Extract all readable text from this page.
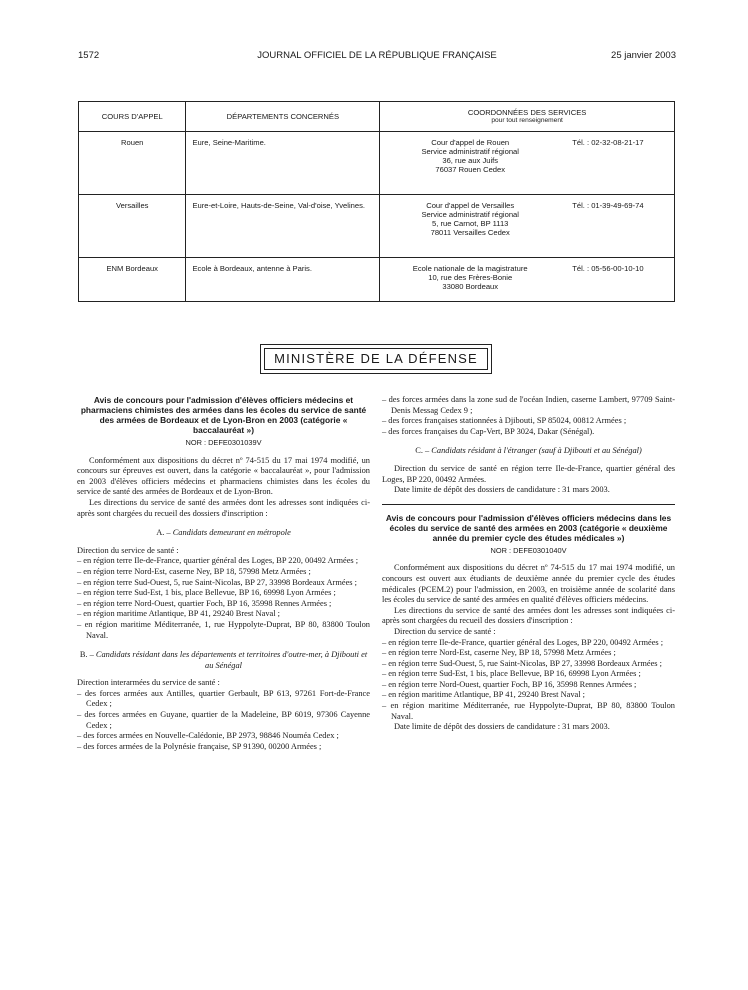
1572	JOURNAL OFFICIEL DE LA RÉPUBLIQUE FRANÇAISE	25 janvier 2003
COURS D'APPEL	DÉPARTEMENTS CONCERNÉS	COORDONNÉES DES SERVICES
pour tout renseignement

Rouen	Eure, Seine-Maritime.	Cour d'appel de Rouen
Service administratif régional
36, rue aux Juifs
76037 Rouen Cedex
Tél. : 02-32-08-21-17

Versailles	Eure-et-Loire, Hauts-de-Seine, Val-d'oise, Yvelines.	Cour d'appel de Versailles
Service administratif régional
5, rue Carnot, BP 1113
78011 Versailles Cedex
Tél. : 01-39-49-69-74

ENM Bordeaux	Ecole à Bordeaux, antenne à Paris.	Ecole nationale de la magistrature
10, rue des Frères-Bonie
33080 Bordeaux
Tél. : 05-56-00-10-10
MINISTÈRE DE LA DÉFENSE
Avis de concours pour l'admission d'élèves officiers médecins et pharmaciens chimistes des armées dans les écoles du service de santé des armées de Bordeaux et de Lyon-Bron en 2003 (catégorie « baccalauréat »)
NOR : DEFE0301039V

Conformément aux dispositions du décret nº 74-515 du 17 mai 1974 modifié, un concours sur épreuves est ouvert, dans la catégorie « baccalauréat », pour l'admission en 2003 d'élèves officiers médecins et pharmaciens chimistes dans les écoles du service de santé des armées de Bordeaux et de Lyon-Bron.

Les directions du service de santé des armées dont les adresses sont indiquées ci-après sont chargées du recueil des dossiers d'inscription :

A. – Candidats demeurant en métropole

Direction du service de santé :

– en région terre Ile-de-France, quartier général des Loges, BP 220, 00492 Armées ;
– en région terre Nord-Est, caserne Ney, BP 18, 57998 Metz Armées ;
– en région terre Sud-Ouest, 5, rue Saint-Nicolas, BP 27, 33998 Bordeaux Armées ;
– en région terre Sud-Est, 1 bis, place Bellevue, BP 16, 69998 Lyon Armées ;
– en région terre Nord-Ouest, quartier Foch, BP 16, 35998 Rennes Armées ;
– en région maritime Atlantique, BP 41, 29240 Brest Naval ;
– en région maritime Méditerranée, 1, rue Hyppolyte-Duprat, BP 80, 83800 Toulon Naval.
B. – Candidats résidant dans les départements et territoires d'outre-mer, à Djibouti et au Sénégal

Direction interarmées du service de santé :

– des forces armées aux Antilles, quartier Gerbault, BP 613, 97261 Fort-de-France Cedex ;
– des forces armées en Guyane, quartier de la Madeleine, BP 6019, 97306 Cayenne Cedex ;
– des forces armées en Nouvelle-Calédonie, BP 2973, 98846 Nouméa Cedex ;
– des forces armées de la Polynésie française, SP 91390, 00200 Armées ;
– des forces armées dans la zone sud de l'océan Indien, caserne Lambert, 97709 Saint-Denis Messag Cedex 9 ;
– des forces françaises stationnées à Djibouti, SP 85024, 00812 Armées ;
– des forces françaises du Cap-Vert, BP 3024, Dakar (Sénégal).
C. – Candidats résidant à l'étranger (sauf à Djibouti et au Sénégal)

Direction du service de santé en région terre Ile-de-France, quartier général des Loges, BP 220, 00492 Armées.

Date limite de dépôt des dossiers de candidature : 31 mars 2003.

Avis de concours pour l'admission d'élèves officiers médecins dans les écoles du service de santé des armées en 2003 (catégorie « deuxième année du premier cycle des études médicales »)
NOR : DEFE0301040V

Conformément aux dispositions du décret nº 74-515 du 17 mai 1974 modifié, un concours est ouvert aux étudiants de deuxième année du premier cycle des études médicales (PCEM.2) pour l'admission, en 2003, en troisième année de scolarité dans les écoles du service de santé des armées en qualité d'élèves officiers médecins.

Les directions du service de santé des armées dont les adresses sont indiquées ci-après sont chargées du recueil des dossiers d'inscription :

Direction du service de santé :

– en région terre Ile-de-France, quartier général des Loges, BP 220, 00492 Armées ;
– en région terre Nord-Est, caserne Ney, BP 18, 57998 Metz Armées ;
– en région terre Sud-Ouest, 5, rue Saint-Nicolas, BP 27, 33998 Bordeaux Armées ;
– en région terre Sud-Est, 1 bis, place Bellevue, BP 16, 69998 Lyon Armées ;
– en région terre Nord-Ouest, quartier Foch, BP 16, 35998 Rennes Armées ;
– en région maritime Atlantique, BP 41, 29240 Brest Naval ;
– en région maritime Méditerranée, rue Hyppolyte-Duprat, BP 80, 83800 Toulon Naval.

Date limite de dépôt des dossiers de candidature : 31 mars 2003.
